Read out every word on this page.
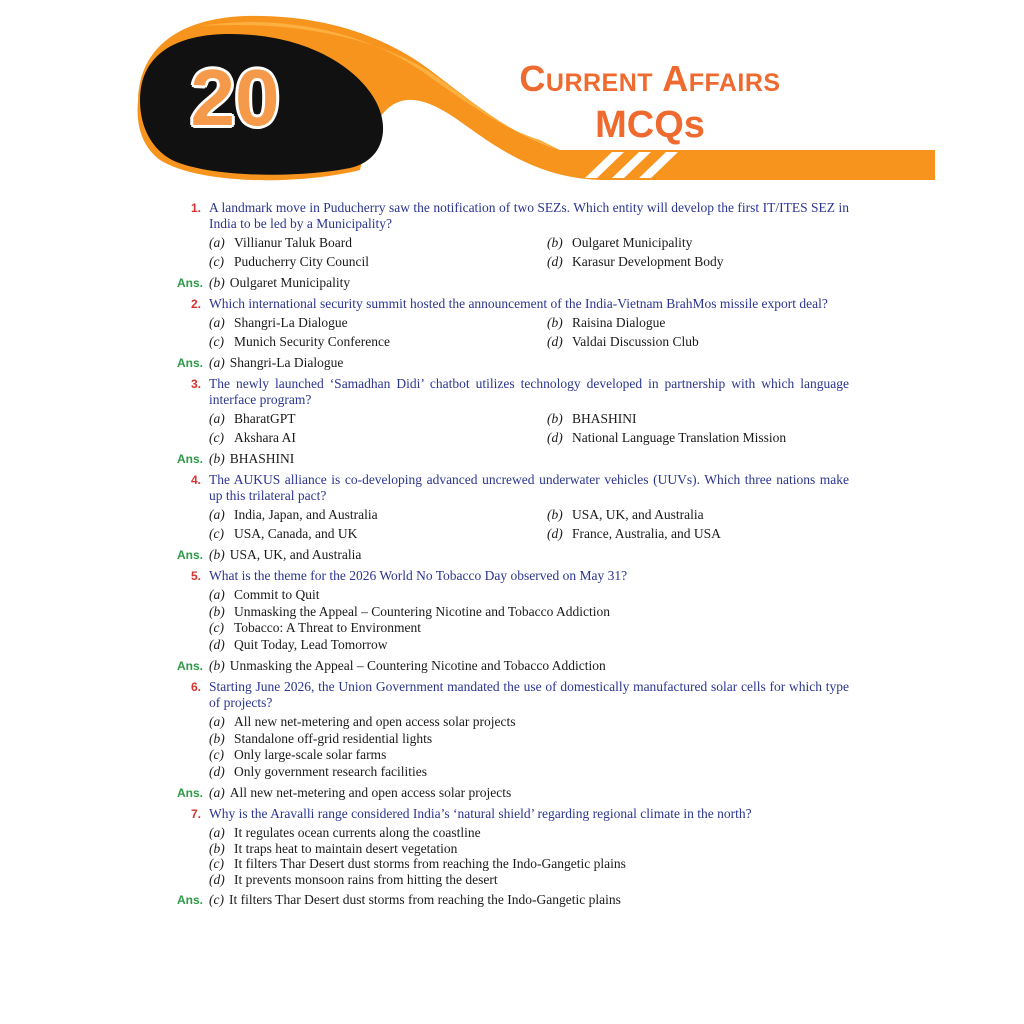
20	Current Affairs
MCQs
1. A landmark move in Puducherry saw the notification of two SEZs. Which entity will develop the first IT/ITES SEZ in India to be led by a Municipality?
(a) Villianur Taluk Board	(b) Oulgaret Municipality
(c) Puducherry City Council	(d) Karasur Development Body
Ans. (b) Oulgaret Municipality
2. Which international security summit hosted the announcement of the India-Vietnam BrahMos missile export deal?
(a) Shangri-La Dialogue	(b) Raisina Dialogue
(c) Munich Security Conference	(d) Valdai Discussion Club
Ans. (a) Shangri-La Dialogue
3. The newly launched ‘Samadhan Didi’ chatbot utilizes technology developed in partnership with which language interface program?
(a) BharatGPT	(b) BHASHINI
(c) Akshara AI	(d) National Language Translation Mission
Ans. (b) BHASHINI
4. The AUKUS alliance is co-developing advanced uncrewed underwater vehicles (UUVs). Which three nations make up this trilateral pact?
(a) India, Japan, and Australia	(b) USA, UK, and Australia
(c) USA, Canada, and UK	(d) France, Australia, and USA
Ans. (b) USA, UK, and Australia
5. What is the theme for the 2026 World No Tobacco Day observed on May 31?
(a) Commit to Quit
(b) Unmasking the Appeal – Countering Nicotine and Tobacco Addiction
(c) Tobacco: A Threat to Environment
(d) Quit Today, Lead Tomorrow
Ans. (b) Unmasking the Appeal – Countering Nicotine and Tobacco Addiction
6. Starting June 2026, the Union Government mandated the use of domestically manufactured solar cells for which type of projects?
(a) All new net-metering and open access solar projects
(b) Standalone off-grid residential lights
(c) Only large-scale solar farms
(d) Only government research facilities
Ans. (a) All new net-metering and open access solar projects
7. Why is the Aravalli range considered India’s ‘natural shield’ regarding regional climate in the north?
(a) It regulates ocean currents along the coastline
(b) It traps heat to maintain desert vegetation
(c) It filters Thar Desert dust storms from reaching the Indo-Gangetic plains
(d) It prevents monsoon rains from hitting the desert
Ans. (c) It filters Thar Desert dust storms from reaching the Indo-Gangetic plains
